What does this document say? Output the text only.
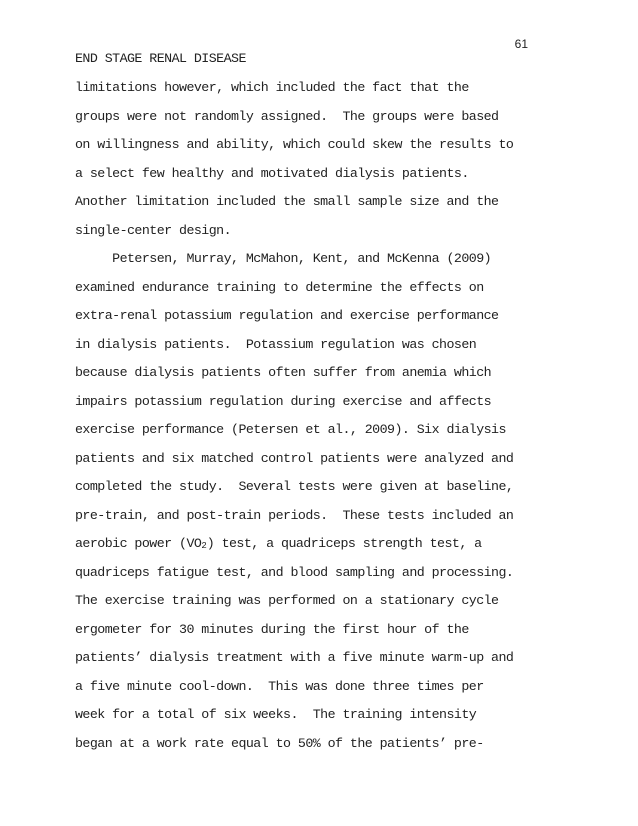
61
END STAGE RENAL DISEASE
limitations however, which included the fact that the
groups were not randomly assigned.  The groups were based
on willingness and ability, which could skew the results to
a select few healthy and motivated dialysis patients.
Another limitation included the small sample size and the
single-center design.
Petersen, Murray, McMahon, Kent, and McKenna (2009)
examined endurance training to determine the effects on
extra-renal potassium regulation and exercise performance
in dialysis patients.  Potassium regulation was chosen
because dialysis patients often suffer from anemia which
impairs potassium regulation during exercise and affects
exercise performance (Petersen et al., 2009). Six dialysis
patients and six matched control patients were analyzed and
completed the study.  Several tests were given at baseline,
pre-train, and post-train periods.  These tests included an
aerobic power (VO2) test, a quadriceps strength test, a
quadriceps fatigue test, and blood sampling and processing.
The exercise training was performed on a stationary cycle
ergometer for 30 minutes during the first hour of the
patients’ dialysis treatment with a five minute warm-up and
a five minute cool-down.  This was done three times per
week for a total of six weeks.  The training intensity
began at a work rate equal to 50% of the patients’ pre-
